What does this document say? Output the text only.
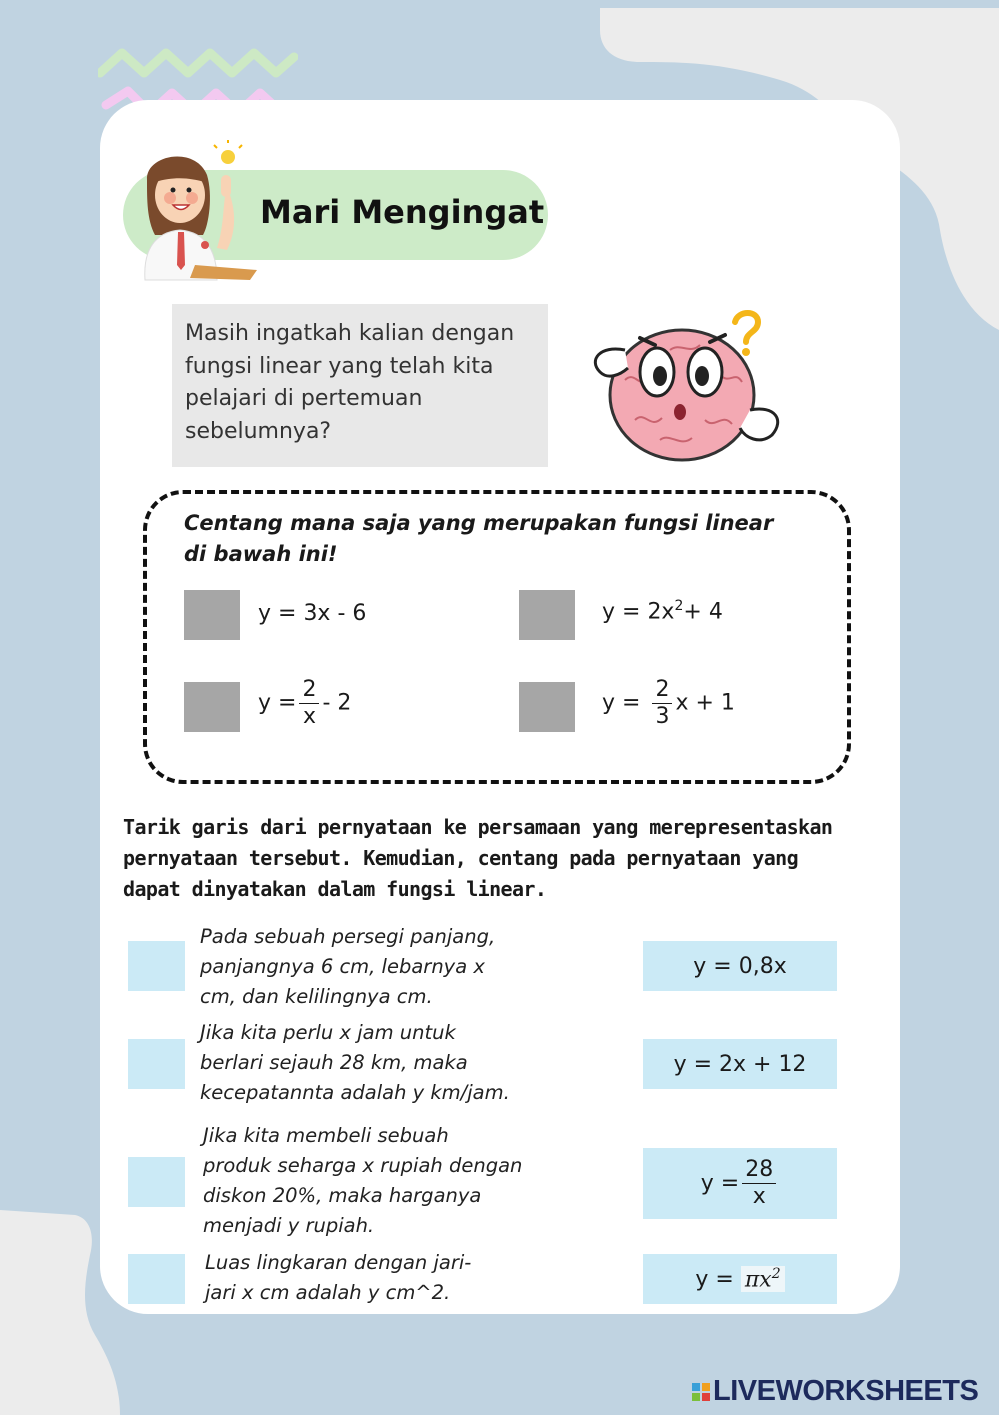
Mari Mengingat
Masih ingatkah kalian dengan fungsi linear yang telah kita pelajari di pertemuan sebelumnya?
Centang mana saja yang merupakan fungsi linear di bawah ini!
y = 3x - 6	$y = 2x^2+ 4$
$y = \frac{2}{x} - 2$	$y = \frac{2}{3}$ x + 1
Tarik garis dari pernyataan ke persamaan yang merepresentaskan pernyataan tersebut. Kemudian, centang pada pernyataan yang dapat dinyatakan dalam fungsi linear.
Pada sebuah persegi panjang,
panjangnya 6 cm, lebarnya x
cm, dan kelilingnya cm.
Jika kita perlu x jam untuk
berlari sejauh 28 km, maka
kecepatannta adalah y km/jam.
Jika kita membeli sebuah
produk seharga x rupiah dengan
diskon 20%, maka harganya
menjadi y rupiah.
Luas lingkaran dengan jari-
jari x cm adalah y cm^2.
y = 0,8x
y = 2x + 12
$y = \frac{28}{x}$
y =
$\pi x^2$
LIVEWORKSHEETS
